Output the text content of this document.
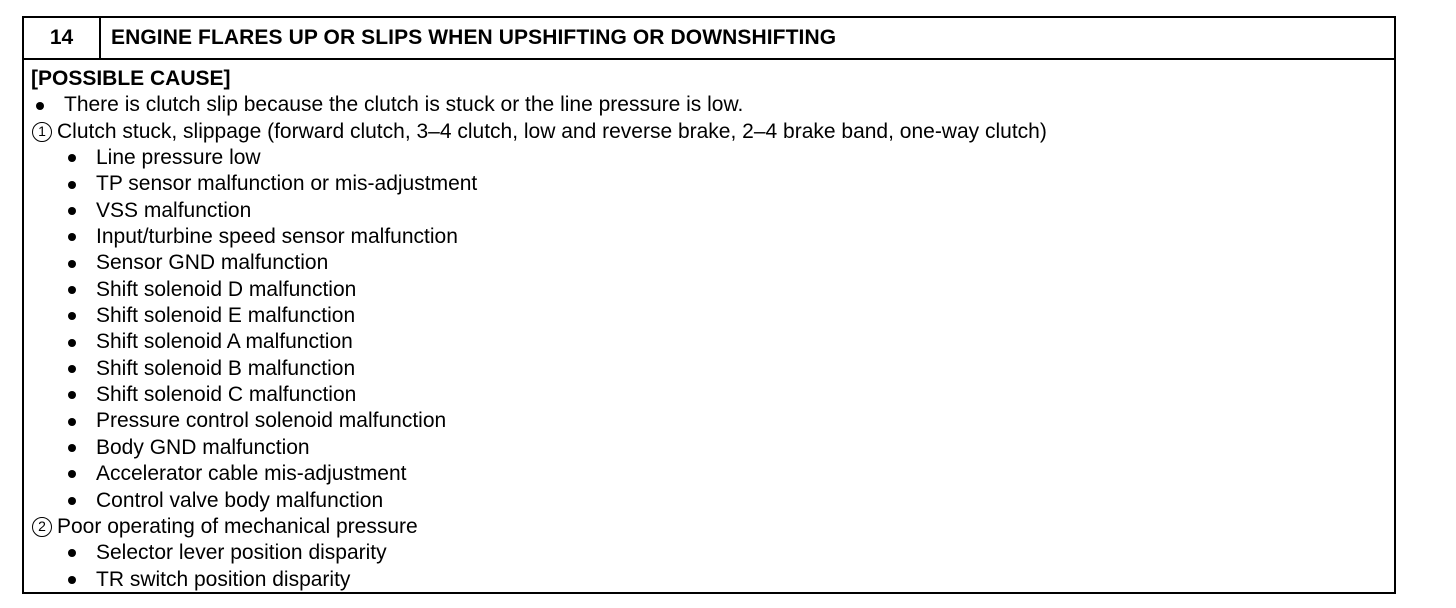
14	ENGINE FLARES UP OR SLIPS WHEN UPSHIFTING OR DOWNSHIFTING
[POSSIBLE CAUSE]
There is clutch slip because the clutch is stuck or the line pressure is low.
1 Clutch stuck, slippage (forward clutch, 3–4 clutch, low and reverse brake, 2–4 brake band, one-way clutch)
Line pressure low
TP sensor malfunction or mis-adjustment
VSS malfunction
Input/turbine speed sensor malfunction
Sensor GND malfunction
Shift solenoid D malfunction
Shift solenoid E malfunction
Shift solenoid A malfunction
Shift solenoid B malfunction
Shift solenoid C malfunction
Pressure control solenoid malfunction
Body GND malfunction
Accelerator cable mis-adjustment
Control valve body malfunction
2 Poor operating of mechanical pressure
Selector lever position disparity
TR switch position disparity
